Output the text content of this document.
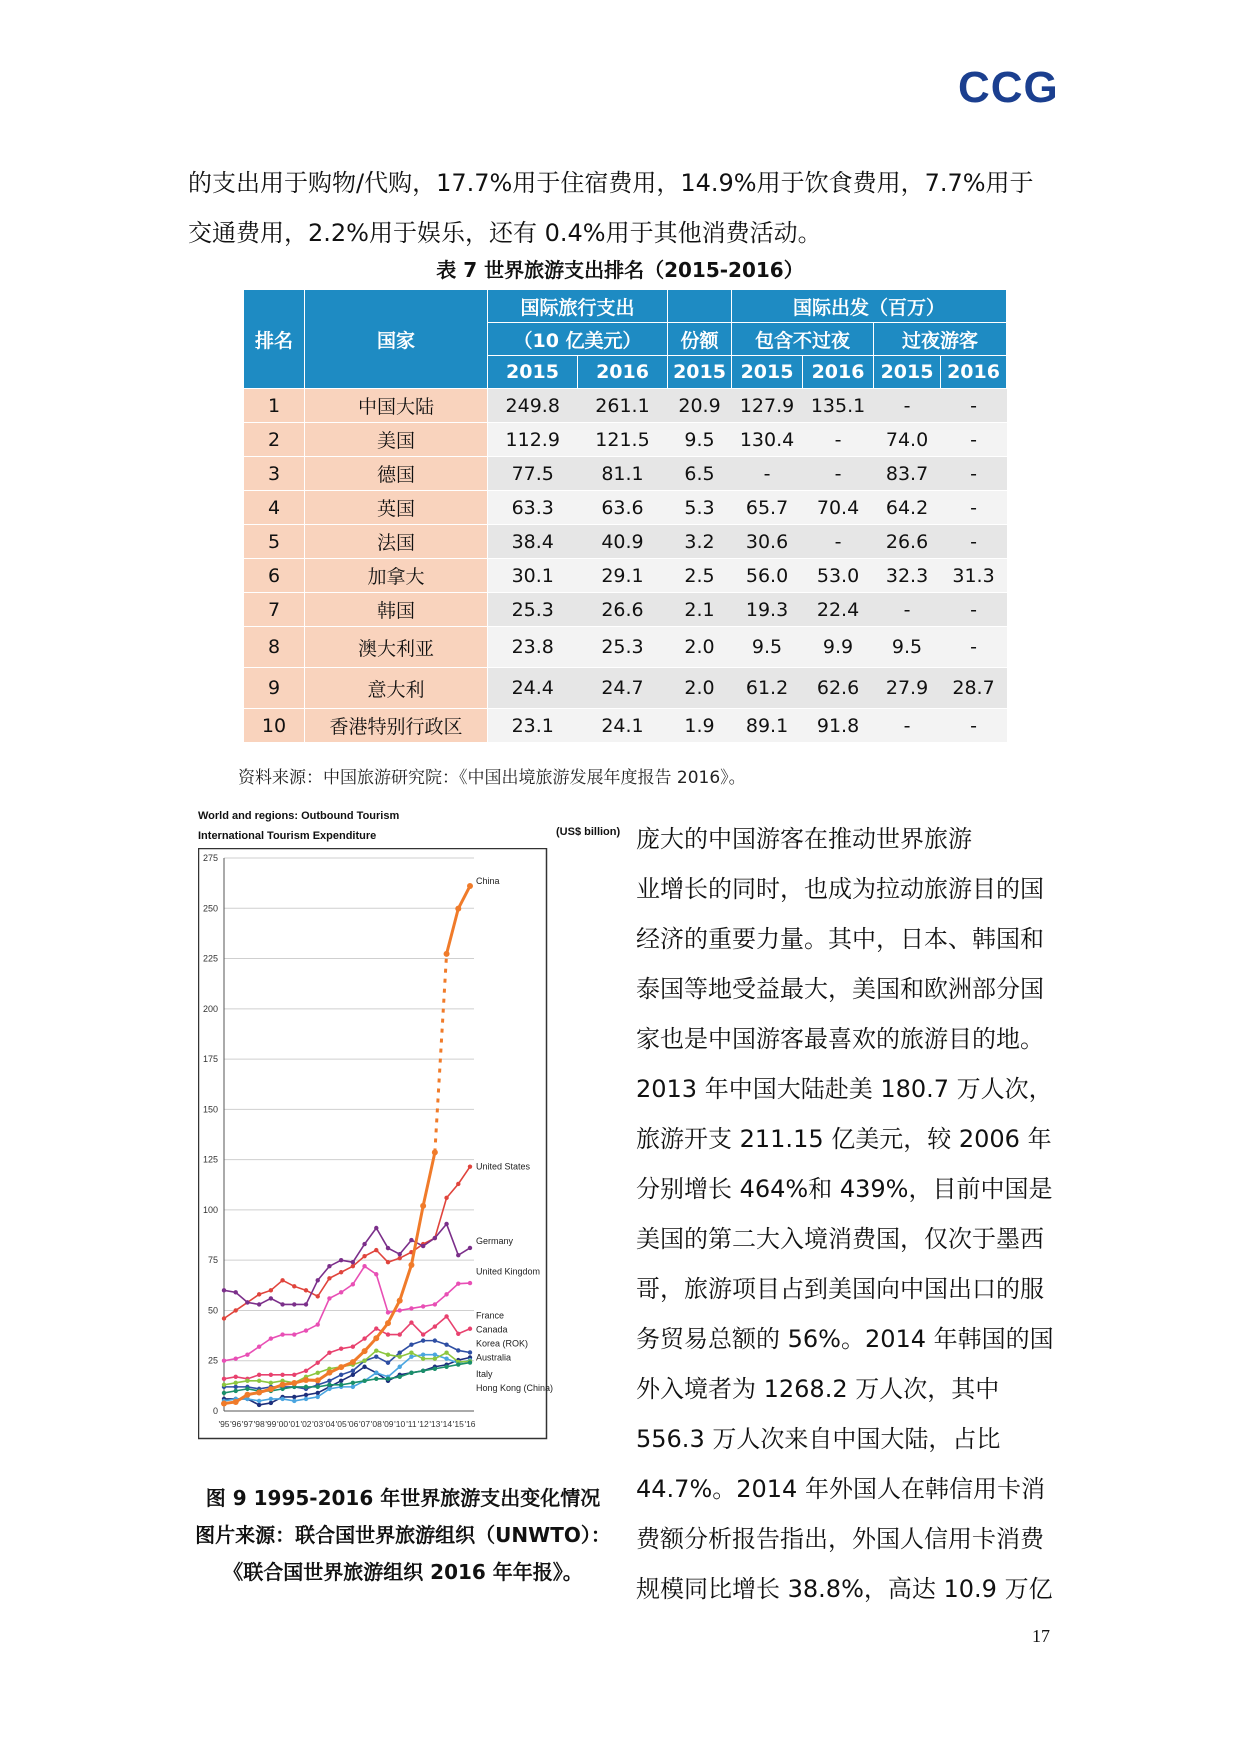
CCG
的支出用于购物/代购，17.7%用于住宿费用，14.9%用于饮食费用，7.7%用于
交通费用，2.2%用于娱乐，还有 0.4%用于其他消费活动。
表 7 世界旅游支出排名（2015-2016）
排名	国家	国际旅行支出			国际出发（百万）			
		（10 亿美元）		份额	包含不过夜		过夜游客	
		2015	2016	2015	2015	2016	2015	2016
1	中国大陆	249.8	261.1	20.9	127.9	135.1	-	-
2	美国	112.9	121.5	9.5	130.4	-	74.0	-
3	德国	77.5	81.1	6.5	-	-	83.7	-
4	英国	63.3	63.6	5.3	65.7	70.4	64.2	-
5	法国	38.4	40.9	3.2	30.6	-	26.6	-
6	加拿大	30.1	29.1	2.5	56.0	53.0	32.3	31.3
7	韩国	25.3	26.6	2.1	19.3	22.4	-	-
8	澳大利亚	23.8	25.3	2.0	9.5	9.9	9.5	-
9	意大利	24.4	24.7	2.0	61.2	62.6	27.9	28.7
10	香港特别行政区	23.1	24.1	1.9	89.1	91.8	-	-
资料来源：中国旅游研究院：《中国出境旅游发展年度报告 2016》。
World and regions: Outbound Tourism
International Tourism Expenditure	(US$ billion)
0
25
50
75
100
125
150
175
200
225
250
275
'95 '96 '97 '98 '99 '00 '01 '02 '03 '04 '05 '06 '07 '08 '09 '10 '11 '12 '13 '14 '15 '16
China
United States
Germany
United Kingdom
France
Canada
Korea (ROK)
Australia
Italy
Hong Kong (China)
图 9 1995-2016 年世界旅游支出变化情况
图片来源：联合国世界旅游组织（UNWTO）：
《联合国世界旅游组织 2016 年年报》。
庞大的中国游客在推动世界旅游
业增长的同时，也成为拉动旅游目的国
经济的重要力量。其中，日本、韩国和
泰国等地受益最大，美国和欧洲部分国
家也是中国游客最喜欢的旅游目的地。
2013 年中国大陆赴美 180.7 万人次，
旅游开支 211.15 亿美元，较 2006 年
分别增长 464%和 439%，目前中国是
美国的第二大入境消费国，仅次于墨西
哥，旅游项目占到美国向中国出口的服
务贸易总额的 56%。2014 年韩国的国
外入境者为 1268.2 万人次，其中
556.3 万人次来自中国大陆，占比
44.7%。2014 年外国人在韩信用卡消
费额分析报告指出，外国人信用卡消费
规模同比增长 38.8%，高达 10.9 万亿
17
